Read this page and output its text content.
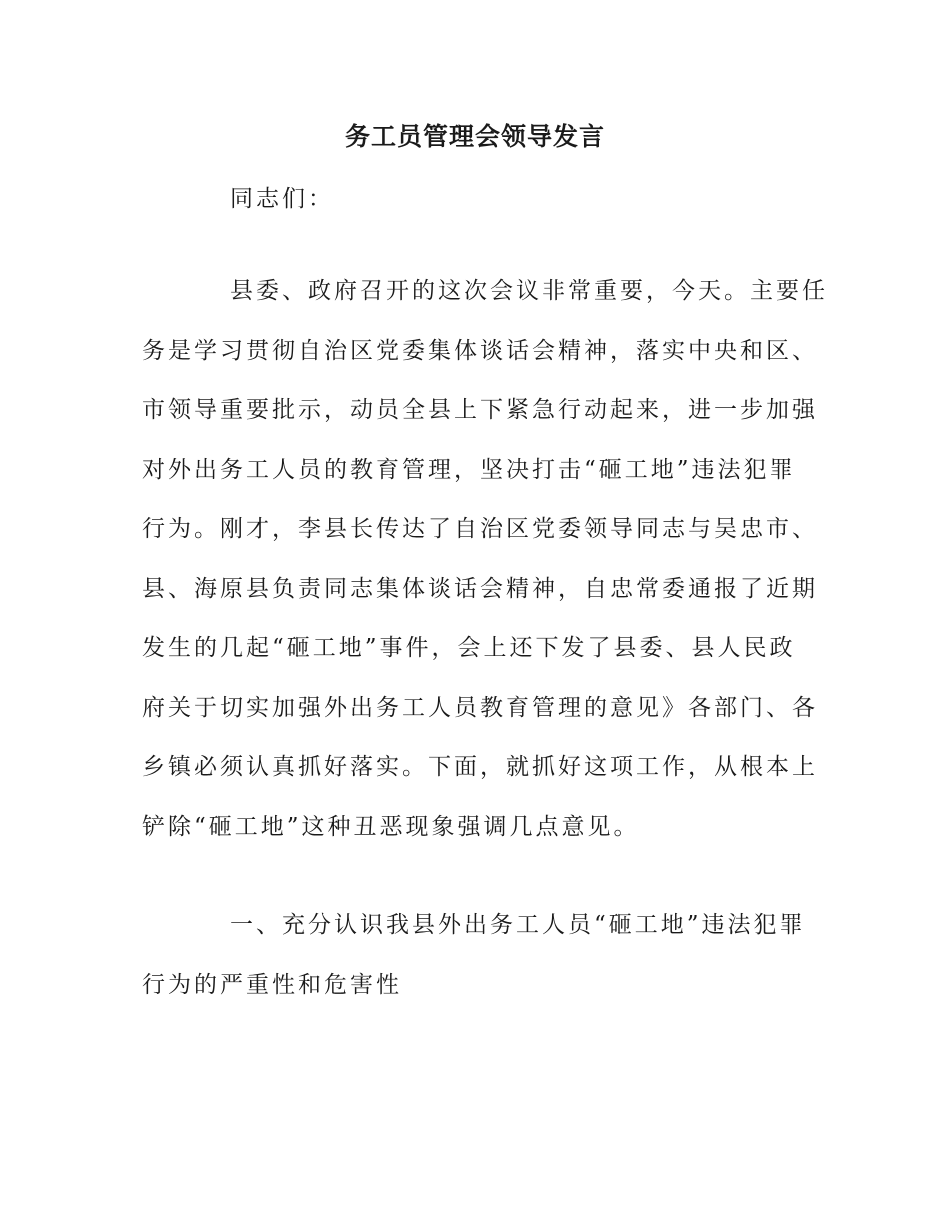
务工员管理会领导发言
同志们：
县委、政府召开的这次会议非常重要，今天。主要任
务是学习贯彻自治区党委集体谈话会精神，落实中央和区、
市领导重要批示，动员全县上下紧急行动起来，进一步加强
对外出务工人员的教育管理，坚决打击“砸工地”违法犯罪
行为。刚才，李县长传达了自治区党委领导同志与吴忠市、
县、海原县负责同志集体谈话会精神，自忠常委通报了近期
发生的几起“砸工地”事件，会上还下发了县委、县人民政
府关于切实加强外出务工人员教育管理的意见》各部门、各
乡镇必须认真抓好落实。下面，就抓好这项工作，从根本上
铲除“砸工地”这种丑恶现象强调几点意见。
一、充分认识我县外出务工人员“砸工地”违法犯罪
行为的严重性和危害性
